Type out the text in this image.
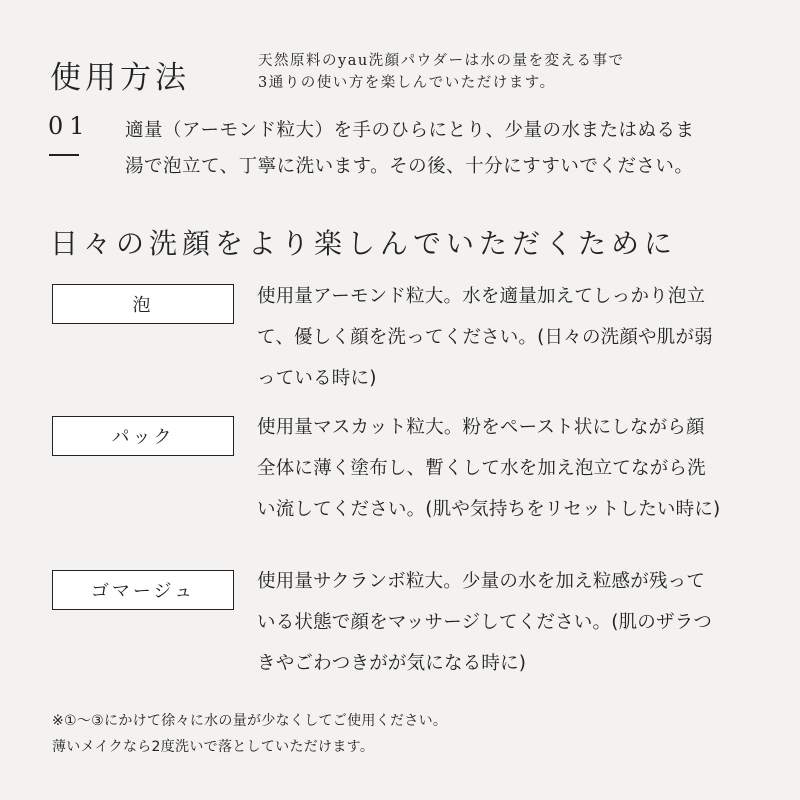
使用方法	天然原料のyau洗顔パウダーは水の量を変える事で
3通りの使い方を楽しんでいただけます。
01 適量（アーモンド粒大）を手のひらにとり、少量の水またはぬるま
湯で泡立て、丁寧に洗います。その後、十分にすすいでください。
日々の洗顔をより楽しんでいただくために
泡	使用量アーモンド粒大。水を適量加えてしっかり泡立
て、優しく顔を洗ってください。(日々の洗顔や肌が弱
っている時に)
パック	使用量マスカット粒大。粉をペースト状にしながら顔
全体に薄く塗布し、暫くして水を加え泡立てながら洗
い流してください。(肌や気持ちをリセットしたい時に)
ゴマージュ	使用量サクランボ粒大。少量の水を加え粒感が残って
いる状態で顔をマッサージしてください。(肌のザラつ
きやごわつきがが気になる時に)
※①〜③にかけて徐々に水の量が少なくしてご使用ください。
薄いメイクなら2度洗いで落としていただけます。
